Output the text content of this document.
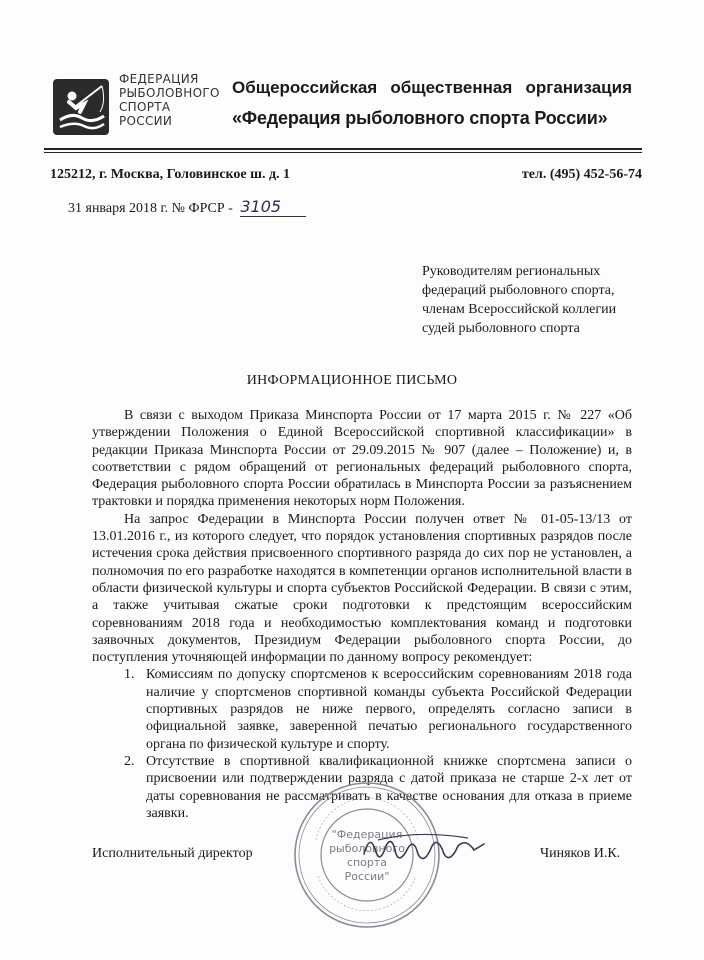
ФЕДЕРАЦИЯ
РЫБОЛОВНОГО
СПОРТА
РОССИИ
Общероссийская общественная организация
«Федерация рыболовного спорта России»
125212, г. Москва, Головинское ш. д. 1	тел. (495) 452-56-74
31 января 2018 г. № ФРСР - 3105
Руководителям региональных
федераций рыболовного спорта,
членам Всероссийской коллегии
судей рыболовного спорта
ИНФОРМАЦИОННОЕ ПИСЬМО

В связи с выходом Приказа Минспорта России от 17 марта 2015 г. № 227 «Об утверждении Положения о Единой Всероссийской спортивной классификации» в редакции Приказа Минспорта России от 29.09.2015 № 907 (далее – Положение) и, в соответствии с рядом обращений от региональных федераций рыболовного спорта, Федерация рыболовного спорта России обратилась в Минспорта России за разъяснением трактовки и порядка применения некоторых норм Положения.

На запрос Федерации в Минспорта России получен ответ № 01-05-13/13 от 13.01.2016 г., из которого следует, что порядок установления спортивных разрядов после истечения срока действия присвоенного спортивного разряда до сих пор не установлен, а полномочия по его разработке находятся в компетенции органов исполнительной власти в области физической культуры и спорта субъектов Российской Федерации. В связи с этим, а также учитывая сжатые сроки подготовки к предстоящим всероссийским соревнованиям 2018 года и необходимостью комплектования команд и подготовки заявочных документов, Президиум Федерации рыболовного спорта России, до поступления уточняющей информации по данному вопросу рекомендует:

1. Комиссиям по допуску спортсменов к всероссийским соревнованиям 2018 года наличие у спортсменов спортивной команды субъекта Российской Федерации спортивных разрядов не ниже первого, определять согласно записи в официальной заявке, заверенной печатью регионального государственного органа по физической культуре и спорту.
2. Отсутствие в спортивной квалификационной книжке спортсмена записи о присвоении или подтверждении разряда с датой приказа не старше 2-х лет от даты соревнования не рассматривать в качестве основания для отказа в приеме заявки.
Исполнительный директор	Чиняков И.К.
"Федерация
рыболовного
спорта
России"
